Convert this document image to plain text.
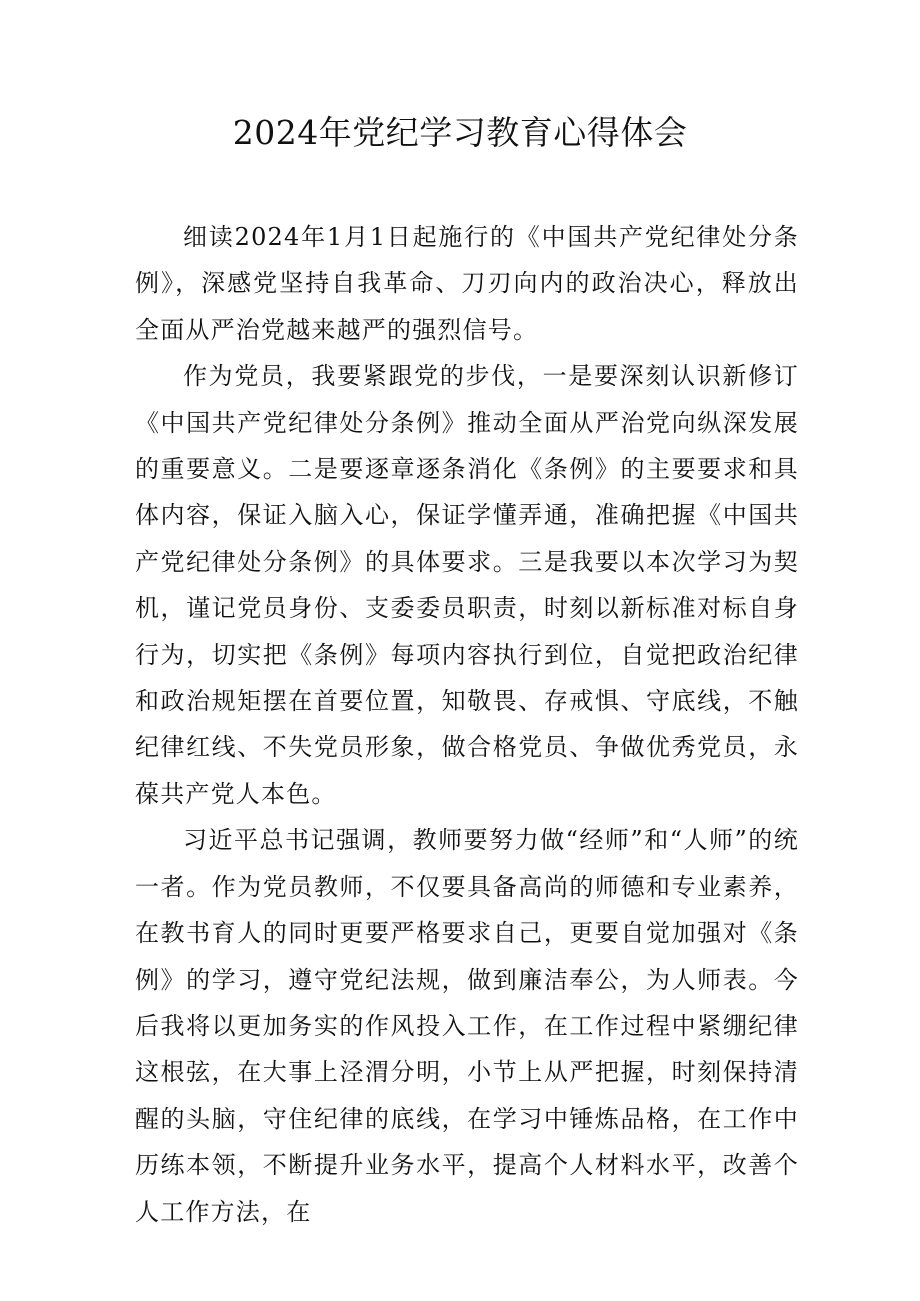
2024年党纪学习教育心得体会

细读2024年1月1日起施行的《中国共产党纪律处分条例》，深感党坚持自我革命、刀刃向内的政治决心，释放出全面从严治党越来越严的强烈信号。

作为党员，我要紧跟党的步伐，一是要深刻认识新修订《中国共产党纪律处分条例》推动全面从严治党向纵深发展的重要意义。二是要逐章逐条消化《条例》的主要要求和具体内容，保证入脑入心，保证学懂弄通，准确把握《中国共产党纪律处分条例》的具体要求。三是我要以本次学习为契机，谨记党员身份、支委委员职责，时刻以新标准对标自身行为，切实把《条例》每项内容执行到位，自觉把政治纪律和政治规矩摆在首要位置，知敬畏、存戒惧、守底线，不触纪律红线、不失党员形象，做合格党员、争做优秀党员，永葆共产党人本色。

习近平总书记强调，教师要努力做“经师”和“人师”的统一者。作为党员教师，不仅要具备高尚的师德和专业素养，在教书育人的同时更要严格要求自己，更要自觉加强对《条例》的学习，遵守党纪法规，做到廉洁奉公，为人师表。今后我将以更加务实的作风投入工作，在工作过程中紧绷纪律这根弦，在大事上泾渭分明，小节上从严把握，时刻保持清醒的头脑，守住纪律的底线，在学习中锤炼品格，在工作中历练本领，不断提升业务水平，提高个人材料水平，改善个人工作方法，在
